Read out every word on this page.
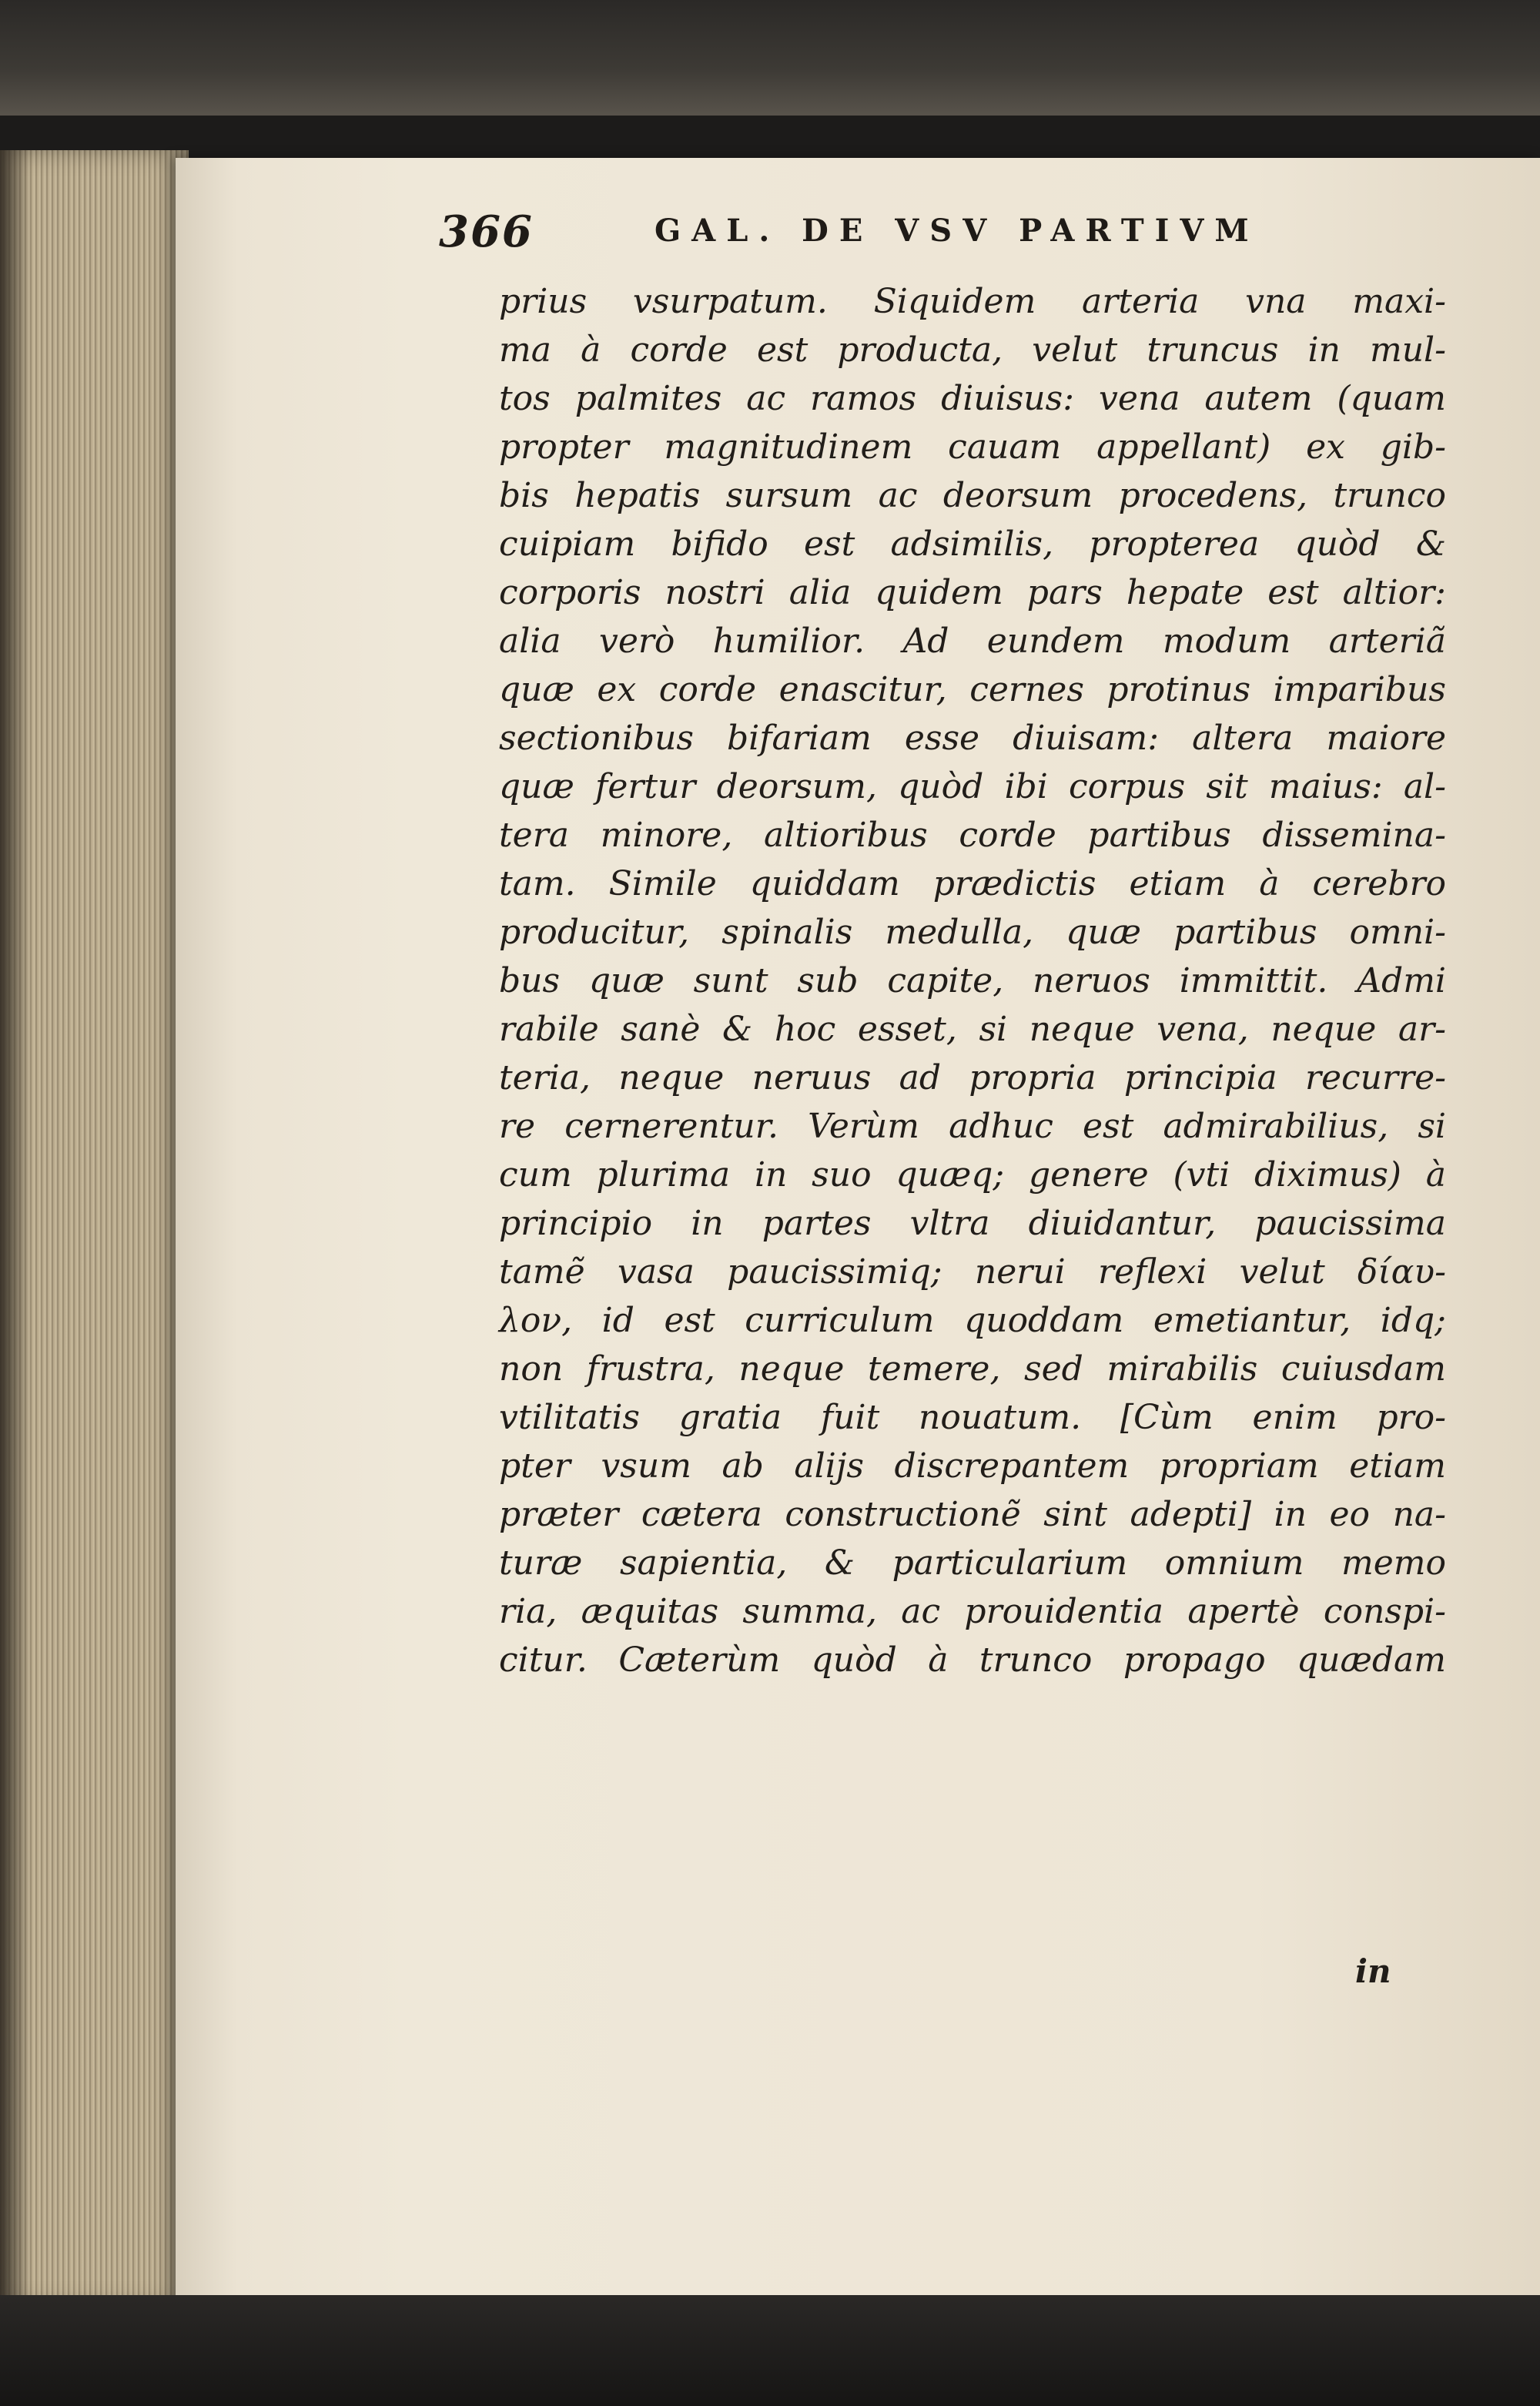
366	GAL. DE VSV PARTIVM
prius vsurpatum. Siquidem arteria vna maxi-
ma à corde est producta, velut truncus in mul-
tos palmites ac ramos diuisus: vena autem (quam
propter magnitudinem cauam appellant) ex gib-
bis hepatis sursum ac deorsum procedens, trunco
cuipiam bifido est adsimilis, propterea quòd &
corporis nostri alia quidem pars hepate est altior:
alia verò humilior. Ad eundem modum arteriã
quæ ex corde enascitur, cernes protinus imparibus
sectionibus bifariam esse diuisam: altera maiore
quæ fertur deorsum, quòd ibi corpus sit maius: al-
tera minore, altioribus corde partibus dissemina-
tam. Simile quiddam prædictis etiam à cerebro
producitur, spinalis medulla, quæ partibus omni-
bus quæ sunt sub capite, neruos immittit. Admi
rabile sanè & hoc esset, si neque vena, neque ar-
teria, neque neruus ad propria principia recurre-
re cernerentur. Verùm adhuc est admirabilius, si
cum plurima in suo quæq; genere (vti diximus) à
principio in partes vltra diuidantur, paucissima
tamẽ vasa paucissimiq; nerui reflexi velut δίαυ-
λον, id est curriculum quoddam emetiantur, idq;
non frustra, neque temere, sed mirabilis cuiusdam
vtilitatis gratia fuit nouatum. [Cùm enim pro-
pter vsum ab alijs discrepantem propriam etiam
præter cætera constructionẽ sint adepti] in eo na-
turæ sapientia, & particularium omnium memo
ria, æquitas summa, ac prouidentia apertè conspi-
citur. Cæterùm quòd à trunco propago quædam
in
